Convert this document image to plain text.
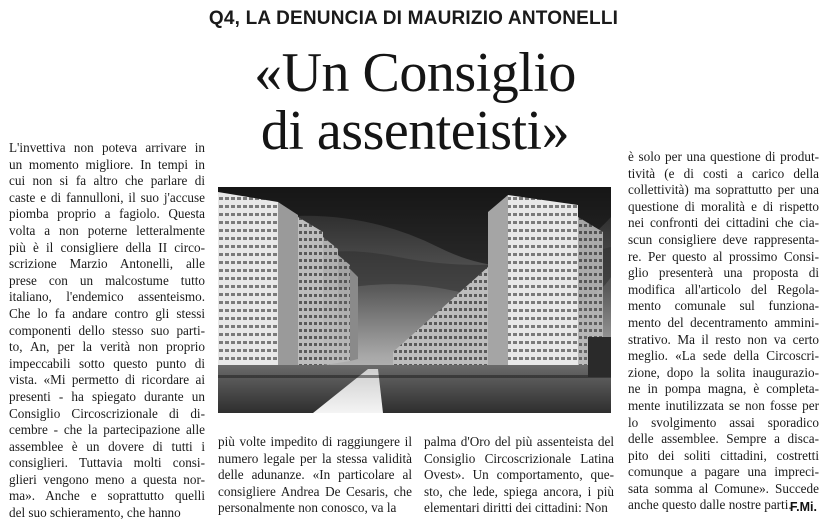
Q4, LA DENUNCIA DI MAURIZIO ANTONELLI
«Un Consiglio
di assenteisti»

L'invettiva non poteva arrivare in

un momento migliore. In tempi in

cui non si fa altro che parlare di

caste e di fannulloni, il suo j'accuse

piomba proprio a fagiolo. Questa

volta a non poterne letteralmente

più è il consigliere della II circo-

scrizione Marzio Antonelli, alle

prese con un malcostume tutto

italiano, l'endemico assenteismo.

Che lo fa andare contro gli stessi

componenti dello stesso suo parti-

to, An, per la verità non proprio

impeccabili sotto questo punto di

vista. «Mi permetto di ricordare ai

presenti - ha spiegato durante un

Consiglio Circoscrizionale di di-

cembre - che la partecipazione alle

assemblee è un dovere di tutti i

consiglieri. Tuttavia molti consi-

glieri vengono meno a questa nor-

ma». Anche e soprattutto quelli

del suo schieramento, che hanno

più volte impedito di raggiungere il

numero legale per la stessa validità

delle adunanze. «In particolare al

consigliere Andrea De Cesaris, che

personalmente non conosco, va la

palma d'Oro del più assenteista del

Consiglio Circoscrizionale Latina

Ovest». Un comportamento, que-

sto, che lede, spiega ancora, i più

elementari diritti dei cittadini: Non

è solo per una questione di produt-

tività (e di costi a carico della

collettività) ma soprattutto per una

questione di moralità e di rispetto

nei confronti dei cittadini che cia-

scun consigliere deve rappresenta-

re. Per questo al prossimo Consi-

glio presenterà una proposta di

modifica all'articolo del Regola-

mento comunale sul funziona-

mento del decentramento ammini-

strativo. Ma il resto non va certo

meglio. «La sede della Circoscri-

zione, dopo la solita inaugurazio-

ne in pompa magna, è completa-

mente inutilizzata se non fosse per

lo svolgimento assai sporadico

delle assemblee. Sempre a disca-

pito dei soliti cittadini, costretti

comunque a pagare una imprеci-

sata somma al Comune». Succede

anche questo dalle nostre parti.

F.Mi.
